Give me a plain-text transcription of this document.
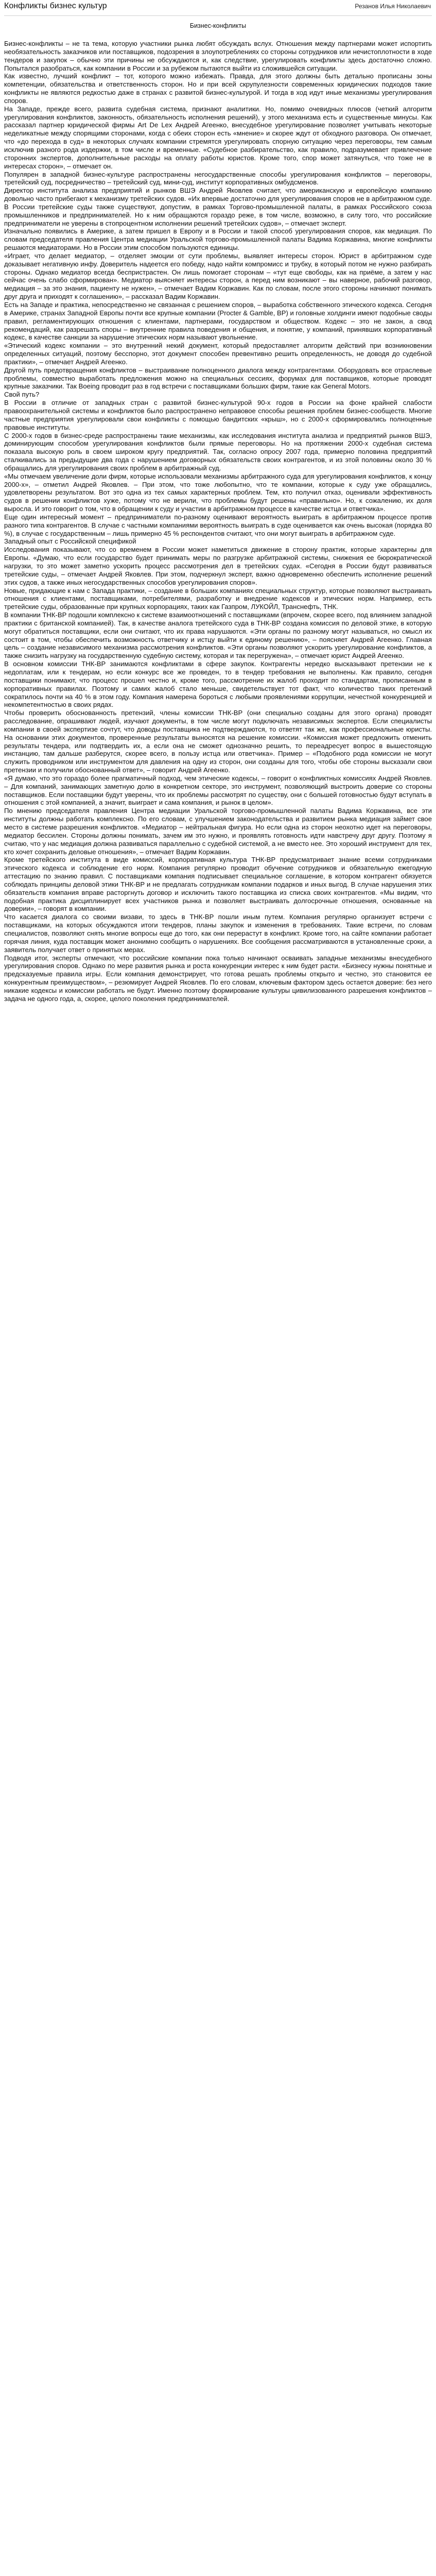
Конфликты бизнес культур	Резанов Илья Николаевич
Бизнес-конфликты

Бизнес-конфликты – не та тема, которую участники рынка любят обсуждать вслух. Отношения между партнерами может испортить необязательность заказчиков или поставщиков, подозрения в злоупотреблениях со стороны сотрудников или нечистоплотности в ходе тендеров и закупок – обычно эти причины не обсуждаются и, как следствие, урегулировать конфликты здесь достаточно сложно. Попытался разобраться, как компании в России и за рубежом пытаются выйти из сложившейся ситуации.

Как известно, лучший конфликт – тот, которого можно избежать. Правда, для этого должны быть детально прописаны зоны компетенции, обязательства и ответственность сторон. Но и при всей скрупулезности современных юридических подходов такие конфликты не являются редкостью даже в странах с развитой бизнес-культурой. И тогда в ход идут иные механизмы урегулирования споров.

На Западе, прежде всего, развита судебная система, признают аналитики. Но, помимо очевидных плюсов (четкий алгоритм урегулирования конфликтов, законность, обязательность исполнения решений), у этого механизма есть и существенные минусы. Как рассказал партнер юридической фирмы Art De Lex Андрей Агеенко, внесудебное урегулирование позволяет учитывать некоторые неделикатные между спорящими сторонами, когда с обеих сторон есть «мнение» и скорее ждут от обходного разговора. Он отмечает, что «до перехода в суд» в некоторых случаях компании стремятся урегулировать спорную ситуацию через переговоры, тем самым исключив разного рода издержки, в том числе и временные. «Судебное разбирательство, как правило, подразумевает привлечение сторонних экспертов, дополнительные расходы на оплату работы юристов. Кроме того, спор может затянуться, что тоже не в интересах сторон», – отмечает он.

Популярен в западной бизнес-культуре распространены негосударственные способы урегулирования конфликтов – переговоры, третейский суд, посредничество – третейский суд, мини-суд, институт корпоративных омбудсменов.

Директор института анализа предприятий и рынков ВШЭ Андрей Яковлев считает, что американскую и европейскую компанию довольно часто прибегают к механизму третейских судов. «Их впервые достаточно для урегулирования споров не в арбитражном суде. В России третейские суды также существуют, допустим, в рамках Торгово-промышленной палаты, в рамках Российского союза промышленников и предпринимателей. Но к ним обращаются гораздо реже, в том числе, возможно, в силу того, что российские предприниматели не уверены в стопроцентном исполнении решений третейских судов», – отмечает эксперт.

Изначально появились в Америке, а затем пришел в Европу и в России и такой способ урегулирования споров, как медиация. По словам председателя правления Центра медиации Уральской торгово-промышленной палаты Вадима Коржавина, многие конфликты решаются медиаторами. Но в России этим способом пользуются единицы.

«Играет, что делает медиатор, – отделяет эмоции от сути проблемы, выявляет интересы сторон. Юрист в арбитражном суде доказывает негативную инфу. Доверитель надеется его победу, надо найти компромисс и трубку, в который потом не нужно разбирать стороны. Однако медиатор всегда беспристрастен. Он лишь помогает сторонам – «тут еще свободы, как на приёме, а затем у нас сейчас очень слабо сформирован». Медиатор выясняет интересы сторон, а перед ним возникают – вы наверное, рабочий разговор, медиация – за это знания, пациенту не нужен», – отмечает Вадим Коржавин. Как по словам, после этого стороны начинают понимать друг друга и приходят к соглашению», – рассказал Вадим Коржавин.

Есть на Западе и практика, непосредственно не связанная с решением споров, – выработка собственного этического кодекса. Сегодня в Америке, странах Западной Европы почти все крупные компании (Procter & Gamble, BP) и головные холдинги имеют подобные своды правил, регламентирующих отношения с клиентами, партнерами, государством и обществом. Кодекс – это не закон, а свод рекомендаций, как разрешать споры – внутренние правила поведения и общения, и понятие, у компаний, принявших корпоративный кодекс, в качестве санкции за нарушение этических норм называют увольнение.

«Этический кодекс компании – это внутренний некий документ, который предоставляет алгоритм действий при возникновении определенных ситуаций, поэтому бесспорно, этот документ способен превентивно решить определенность, не доводя до судебной практики», – отмечает Андрей Агеенко.

Другой путь предотвращения конфликтов – выстраивание полноценного диалога между контрагентами. Оборудовать все отраслевые проблемы, совместно выработать предложения можно на специальных сессиях, форумах для поставщиков, которые проводят крупные заказчики. Так Boeing проводит раз в год встречи с поставщиками больших фирм, такие как General Motors.

Свой путь?

В России в отличие от западных стран с развитой бизнес-культурой 90-х годов в России на фоне крайней слабости правоохранительной системы и конфликтов было распространено неправовое способы решения проблем бизнес-сообществ. Многие частные предприятия урегулировали свои конфликты с помощью бандитских «крыш», но с 2000-х сформировались полноценные правовые институты.

С 2000-х годов в бизнес-среде распространены такие механизмы, как исследования института анализа и предприятий рынков ВШЭ, доминирующим способом урегулирования конфликтов были прямые переговоры. Но на протяжении 2000-х судебная система показала высокую роль в своем широком кругу предприятий. Так, согласно опросу 2007 года, примерно половина предприятий сталкивались за предыдущие два года с нарушением договорных обязательств своих контрагентов, и из этой половины около 30 % обращались для урегулирования своих проблем в арбитражный суд.

«Мы отмечаем увеличение доли фирм, которые использовали механизмы арбитражного суда для урегулирования конфликтов, к концу 2000-х», – отметил Андрей Яковлев. – При этом, что тоже любопытно, что те компании, которые к суду уже обращались, удовлетворены результатом. Вот это одна из тех самых характерных проблем. Тем, кто получил отказ, оценивали эффективность судов в решении конфликтов хуже, потому что не верили, что проблемы будут решены «правильно». Но, к сожалению, их доля выросла. И это говорит о том, что в обращении к суду и участии в арбитражном процессе в качестве истца и ответчика».

Еще один интересный момент – предприниматели по-разному оценивают вероятность выиграть в арбитражном процессе против разного типа контрагентов. В случае с частными компаниями вероятность выиграть в суде оценивается как очень высокая (порядка 80 %), в случае с государственным – лишь примерно 45 % респондентов считают, что они могут выиграть в арбитражном суде.

Западный опыт с Российской спецификой

Исследования показывают, что со временем в России может наметиться движение в сторону практик, которые характерны для Европы. «Думаю, что если государство будет принимать меры по разгрузке арбитражной системы, снижения ее бюрократической нагрузки, то это может заметно ускорить процесс рассмотрения дел в третейских судах. «Сегодня в России будут развиваться третейские суды, – отмечает Андрей Яковлев. При этом, подчеркнул эксперт, важно одновременно обеспечить исполнение решений этих судов, а также иных негосударственных способов урегулирования споров».

Новые, придающие к нам с Запада практики, – создание в больших компаниях специальных структур, которые позволяют выстраивать отношения с клиентами, поставщиками, потребителями, разработку и внедрение кодексов и этических норм. Например, есть третейские суды, образованные при крупных корпорациях, таких как Газпром, ЛУКОЙЛ, Транснефть, ТНК.

В компании ТНК-BP подошли комплексно к системе взаимоотношений с поставщиками (впрочем, скорее всего, под влиянием западной практики с британской компанией). Так, в качестве аналога третейского суда в ТНК-BP создана комиссия по деловой этике, в которую могут обратиться поставщики, если они считают, что их права нарушаются. «Эти органы по разному могут называться, но смысл их состоит в том, чтобы обеспечить возможность ответчику и истцу выйти к единому решению», – поясняет Андрей Агеенко. Главная цель – создание независимого механизма рассмотрения конфликтов. «Эти органы позволяют ускорить урегулирование конфликтов, а также снизить нагрузку на государственную судебную систему, которая и так перегружена», – отмечает юрист Андрей Агеенко.

В основном комиссии ТНК-BP занимаются конфликтами в сфере закупок. Контрагенты нередко высказывают претензии не к недоплатам, или к тендерам, но если конкурс все же проведен, то в тендер требования не выполнены. Как правило, сегодня поставщики понимают, что процесс прошел честно и, кроме того, рассмотрение их жалоб проходит по стандартам, прописанным в корпоративных правилах. Поэтому и самих жалоб стало меньше, свидетельствует тот факт, что количество таких претензий сократилось почти на 40 % в этом году. Компания намерена бороться с любыми проявлениями коррупции, нечестной конкуренцией и некомпетентностью в своих рядах.

Чтобы проверить обоснованность претензий, члены комиссии ТНК-BP (они специально созданы для этого органа) проводят расследование, опрашивают людей, изучают документы, в том числе могут подключать независимых экспертов. Если специалисты компании в своей экспертизе сочтут, что доводы поставщика не подтверждаются, то ответят так же, как профессиональные юристы. На основании этих документов, проверенные результаты выносятся на решение комиссии. «Комиссия может предложить отменить результаты тендера, или подтвердить их, а если она не сможет однозначно решить, то переадресует вопрос в вышестоящую инстанцию, там дальше разберутся, скорее всего, в пользу истца или ответчика». Пример – «Подобного рода комиссии не могут служить проводником или инструментом для давления на одну из сторон, они созданы для того, чтобы обе стороны высказали свои претензии и получили обоснованный ответ», – говорит Андрей Агеенко.

«Я думаю, что это гораздо более прагматичный подход, чем этические кодексы, – говорит о конфликтных комиссиях Андрей Яковлев. – Для компаний, занимающих заметную долю в конкретном секторе, это инструмент, позволяющий выстроить доверие со стороны поставщиков. Если поставщики будут уверены, что их проблемы рассмотрят по существу, они с большей готовностью будут вступать в отношения с этой компанией, а значит, выиграет и сама компания, и рынок в целом».

По мнению председателя правления Центра медиации Уральской торгово-промышленной палаты Вадима Коржавина, все эти институты должны работать комплексно. По его словам, с улучшением законодательства и развитием рынка медиация займет свое место в системе разрешения конфликтов. «Медиатор – нейтральная фигура. Но если одна из сторон неохотно идет на переговоры, медиатор бессилен. Стороны должны понимать, зачем им это нужно, и проявлять готовность идти навстречу друг другу. Поэтому я считаю, что у нас медиация должна развиваться параллельно с судебной системой, а не вместо нее. Это хороший инструмент для тех, кто хочет сохранить деловые отношения», – отмечает Вадим Коржавин.

Кроме третейского института в виде комиссий, корпоративная культура ТНК-BP предусматривает знание всеми сотрудниками этического кодекса и соблюдение его норм. Компания регулярно проводит обучение сотрудников и обязательную ежегодную аттестацию по знанию правил. С поставщиками компания подписывает специальное соглашение, в котором контрагент обязуется соблюдать принципы деловой этики ТНК-BP и не предлагать сотрудникам компании подарков и иных выгод. В случае нарушения этих обязательств компания вправе расторгнуть договор и исключить такого поставщика из списка своих контрагентов. «Мы видим, что подобная практика дисциплинирует всех участников рынка и позволяет выстраивать долгосрочные отношения, основанные на доверии», – говорят в компании.

Что касается диалога со своими визави, то здесь в ТНК-BP пошли иным путем. Компания регулярно организует встречи с поставщиками, на которых обсуждаются итоги тендеров, планы закупок и изменения в требованиях. Такие встречи, по словам специалистов, позволяют снять многие вопросы еще до того, как они перерастут в конфликт. Кроме того, на сайте компании работает горячая линия, куда поставщик может анонимно сообщить о нарушениях. Все сообщения рассматриваются в установленные сроки, а заявитель получает ответ о принятых мерах.

Подводя итог, эксперты отмечают, что российские компании пока только начинают осваивать западные механизмы внесудебного урегулирования споров. Однако по мере развития рынка и роста конкуренции интерес к ним будет расти. «Бизнесу нужны понятные и предсказуемые правила игры. Если компания демонстрирует, что готова решать проблемы открыто и честно, это становится ее конкурентным преимуществом», – резюмирует Андрей Яковлев. По его словам, ключевым фактором здесь остается доверие: без него никакие кодексы и комиссии работать не будут. Именно поэтому формирование культуры цивилизованного разрешения конфликтов – задача не одного года, а, скорее, целого поколения предпринимателей.
